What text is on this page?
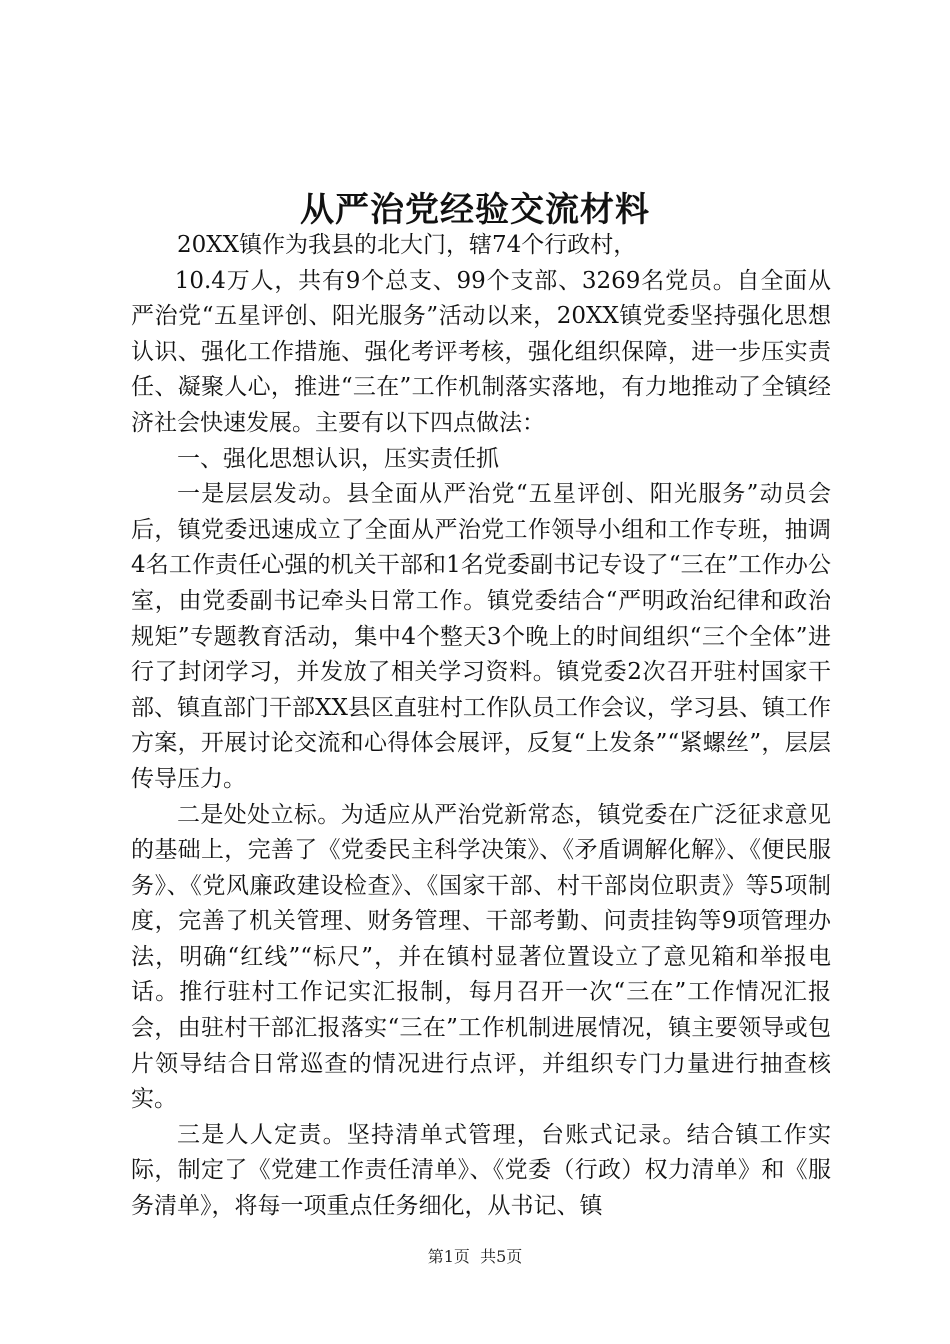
从严治党经验交流材料

20XX镇作为我县的北大门，辖74个行政村，

10.4万人，共有9个总支、99个支部、3269名党员。自全面从严治党“五星评创、阳光服务”活动以来，20XX镇党委坚持强化思想认识、强化工作措施、强化考评考核，强化组织保障，进一步压实责任、凝聚人心，推进“三在”工作机制落实落地，有力地推动了全镇经济社会快速发展。主要有以下四点做法：

一、强化思想认识，压实责任抓

一是层层发动。县全面从严治党“五星评创、阳光服务”动员会后，镇党委迅速成立了全面从严治党工作领导小组和工作专班，抽调4名工作责任心强的机关干部和1名党委副书记专设了“三在”工作办公室，由党委副书记牵头日常工作。镇党委结合“严明政治纪律和政治规矩”专题教育活动，集中4个整天3个晚上的时间组织“三个全体”进行了封闭学习，并发放了相关学习资料。镇党委2次召开驻村国家干部、镇直部门干部XX县区直驻村工作队员工作会议，学习县、镇工作方案，开展讨论交流和心得体会展评，反复“上发条”“紧螺丝”，层层传导压力。

二是处处立标。为适应从严治党新常态，镇党委在广泛征求意见的基础上，完善了《党委民主科学决策》、《矛盾调解化解》、《便民服务》、《党风廉政建设检查》、《国家干部、村干部岗位职责》等5项制度，完善了机关管理、财务管理、干部考勤、问责挂钩等9项管理办法，明确“红线”“标尺”，并在镇村显著位置设立了意见箱和举报电话。推行驻村工作记实汇报制，每月召开一次“三在”工作情况汇报会，由驻村干部汇报落实“三在”工作机制进展情况，镇主要领导或包片领导结合日常巡查的情况进行点评，并组织专门力量进行抽查核实。

三是人人定责。坚持清单式管理，台账式记录。结合镇工作实际，制定了《党建工作责任清单》、《党委（行政）权力清单》和《服务清单》，将每一项重点任务细化，从书记、镇

第1页 共5页
